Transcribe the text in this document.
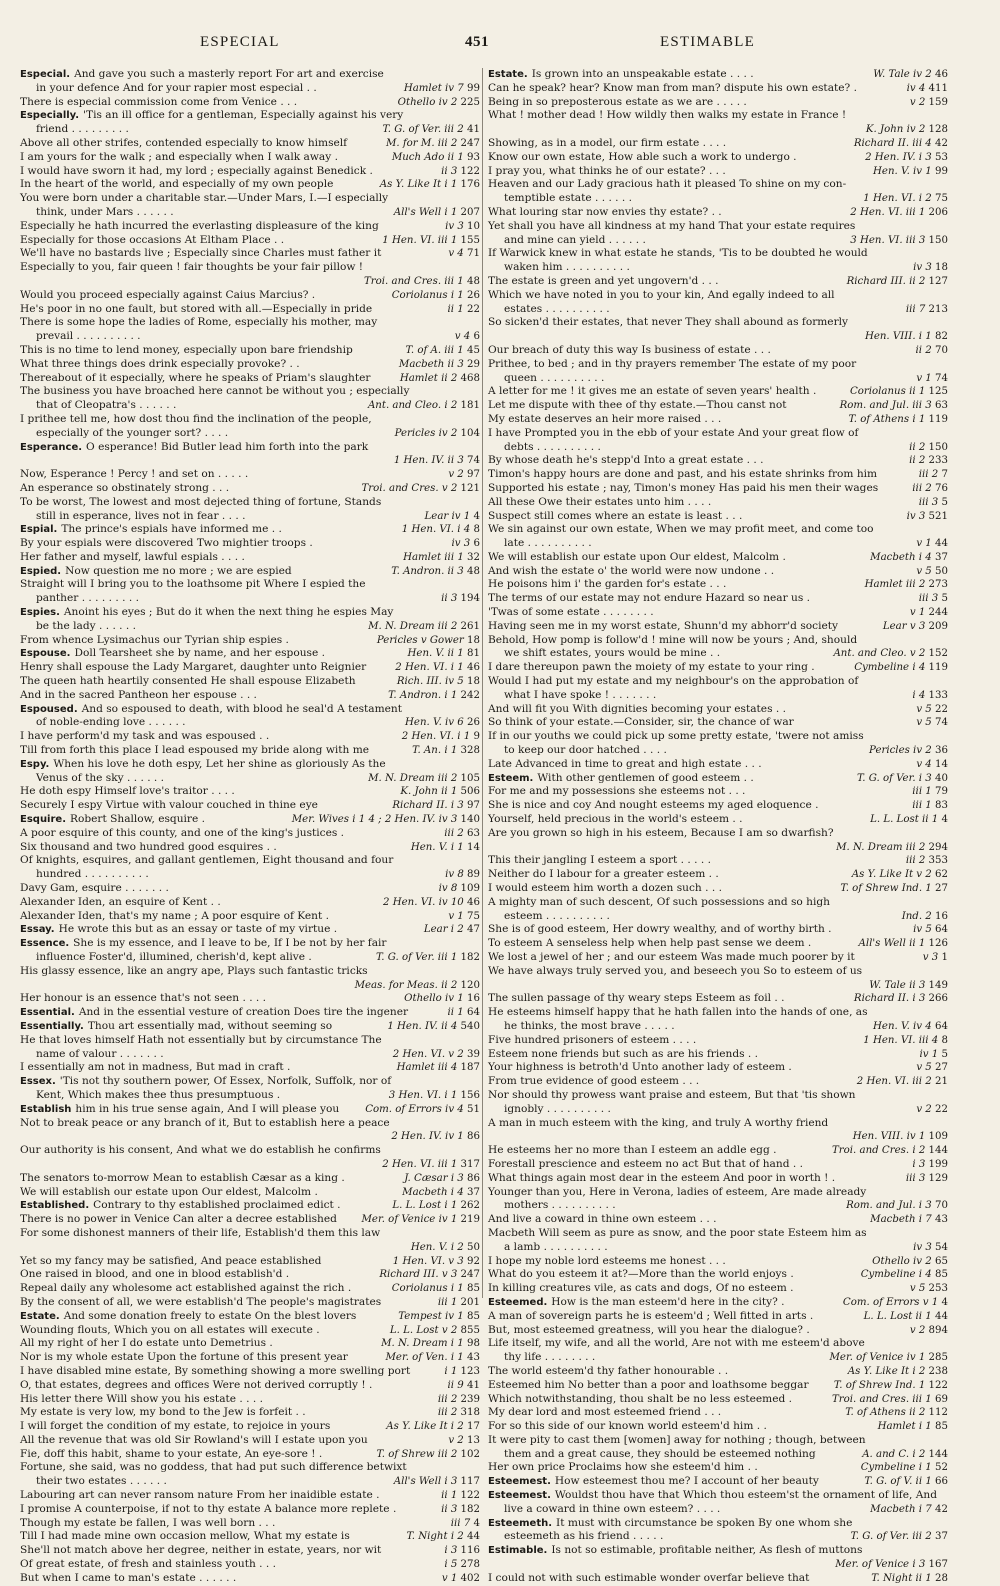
ESPECIAL	451	ESTIMABLE
Especial. And gave you such a masterly report For art and exercise
in your defence And for your rapier most especial . .	Hamlet iv 7 99
There is especial commission come from Venice . . .	Othello iv 2 225
Especially. 'Tis an ill office for a gentleman, Especially against his very
friend . . . . . . . . .	T. G. of Ver. iii 2 41
Above all other strifes, contended especially to know himself	M. for M. iii 2 247
I am yours for the walk ; and especially when I walk away .	Much Ado ii 1 93
I would have sworn it had, my lord ; especially against Benedick .	ii 3 122
In the heart of the world, and especially of my own people	As Y. Like It i 1 176
You were born under a charitable star.—Under Mars, I.—I especially
think, under Mars . . . . . .	All's Well i 1 207
Especially he hath incurred the everlasting displeasure of the king	iv 3 10
Especially for those occasions At Eltham Place . .	1 Hen. VI. iii 1 155
We'll have no bastards live ; Especially since Charles must father it	v 4 71
Especially to you, fair queen ! fair thoughts be your fair pillow !
Troi. and Cres. iii 1 48
Would you proceed especially against Caius Marcius? .	Coriolanus i 1 26
He's poor in no one fault, but stored with all.—Especially in pride	ii 1 22
There is some hope the ladies of Rome, especially his mother, may
prevail . . . . . . . . . .	v 4 6
This is no time to lend money, especially upon bare friendship	T. of A. iii 1 45
What three things does drink especially provoke? . .	Macbeth ii 3 29
Thereabout of it especially, where he speaks of Priam's slaughter	Hamlet ii 2 468
The business you have broached here cannot be without you ; especially
that of Cleopatra's . . . . . .	Ant. and Cleo. i 2 181
I prithee tell me, how dost thou find the inclination of the people,
especially of the younger sort? . . . .	Pericles iv 2 104
Esperance. O esperance! Bid Butler lead him forth into the park
1 Hen. IV. ii 3 74
Now, Esperance ! Percy ! and set on . . . . .	v 2 97
An esperance so obstinately strong . . .	Troi. and Cres. v 2 121
To be worst, The lowest and most dejected thing of fortune, Stands
still in esperance, lives not in fear . . . .	Lear iv 1 4
Espial. The prince's espials have informed me . .	1 Hen. VI. i 4 8
By your espials were discovered Two mightier troops .	iv 3 6
Her father and myself, lawful espials . . . .	Hamlet iii 1 32
Espied. Now question me no more ; we are espied	T. Andron. ii 3 48
Straight will I bring you to the loathsome pit Where I espied the
panther . . . . . . . . .	ii 3 194
Espies. Anoint his eyes ; But do it when the next thing he espies May
be the lady . . . . . .	M. N. Dream iii 2 261
From whence Lysimachus our Tyrian ship espies .	Pericles v Gower 18
Espouse. Doll Tearsheet she by name, and her espouse .	Hen. V. ii 1 81
Henry shall espouse the Lady Margaret, daughter unto Reignier	2 Hen. VI. i 1 46
The queen hath heartily consented He shall espouse Elizabeth	Rich. III. iv 5 18
And in the sacred Pantheon her espouse . . .	T. Andron. i 1 242
Espoused. And so espoused to death, with blood he seal'd A testament
of noble-ending love . . . . . .	Hen. V. iv 6 26
I have perform'd my task and was espoused . .	2 Hen. VI. i 1 9
Till from forth this place I lead espoused my bride along with me	T. An. i 1 328
Espy. When his love he doth espy, Let her shine as gloriously As the
Venus of the sky . . . . . .	M. N. Dream iii 2 105
He doth espy Himself love's traitor . . . .	K. John ii 1 506
Securely I espy Virtue with valour couched in thine eye	Richard II. i 3 97
Esquire. Robert Shallow, esquire .	Mer. Wives i 1 4 ; 2 Hen. IV. iv 3 140
A poor esquire of this county, and one of the king's justices .	iii 2 63
Six thousand and two hundred good esquires . .	Hen. V. i 1 14
Of knights, esquires, and gallant gentlemen, Eight thousand and four
hundred . . . . . . . . . .	iv 8 89
Davy Gam, esquire . . . . . . .	iv 8 109
Alexander Iden, an esquire of Kent . .	2 Hen. VI. iv 10 46
Alexander Iden, that's my name ; A poor esquire of Kent .	v 1 75
Essay. He wrote this but as an essay or taste of my virtue .	Lear i 2 47
Essence. She is my essence, and I leave to be, If I be not by her fair
influence Foster'd, illumined, cherish'd, kept alive .	T. G. of Ver. iii 1 182
His glassy essence, like an angry ape, Plays such fantastic tricks
Meas. for Meas. ii 2 120
Her honour is an essence that's not seen . . . .	Othello iv 1 16
Essential. And in the essential vesture of creation Does tire the ingener	ii 1 64
Essentially. Thou art essentially mad, without seeming so	1 Hen. IV. ii 4 540
He that loves himself Hath not essentially but by circumstance The
name of valour . . . . . . .	2 Hen. VI. v 2 39
I essentially am not in madness, But mad in craft .	Hamlet iii 4 187
Essex. 'Tis not thy southern power, Of Essex, Norfolk, Suffolk, nor of
Kent, Which makes thee thus presumptuous .	3 Hen. VI. i 1 156
Establish him in his true sense again, And I will please you	Com. of Errors iv 4 51
Not to break peace or any branch of it, But to establish here a peace
2 Hen. IV. iv 1 86
Our authority is his consent, And what we do establish he confirms
2 Hen. VI. iii 1 317
The senators to-morrow Mean to establish Cæsar as a king .	J. Cæsar i 3 86
We will establish our estate upon Our eldest, Malcolm .	Macbeth i 4 37
Established. Contrary to thy established proclaimed edict .	L. L. Lost i 1 262
There is no power in Venice Can alter a decree established Mer. of Venice iv 1 219
For some dishonest manners of their life, Establish'd them this law
Hen. V. i 2 50
Yet so my fancy may be satisfied, And peace established	1 Hen. VI. v 3 92
One raised in blood, and one in blood establish'd .	Richard III. v 3 247
Repeal daily any wholesome act established against the rich .	Coriolanus i 1 85
By the consent of all, we were establish'd The people's magistrates	iii 1 201
Estate. And some donation freely to estate On the blest lovers	Tempest iv 1 85
Wounding flouts, Which you on all estates will execute .	L. L. Lost v 2 855
All my right of her I do estate unto Demetrius .	M. N. Dream i 1 98
Nor is my whole estate Upon the fortune of this present year	Mer. of Ven. i 1 43
I have disabled mine estate, By something showing a more swelling port	i 1 123
O, that estates, degrees and offices Were not derived corruptly ! .	ii 9 41
His letter there Will show you his estate . . . .	iii 2 239
My estate is very low, my bond to the Jew is forfeit . .	iii 2 318
I will forget the condition of my estate, to rejoice in yours	As Y. Like It i 2 17
All the revenue that was old Sir Rowland's will I estate upon you	v 2 13
Fie, doff this habit, shame to your estate, An eye-sore ! .	T. of Shrew iii 2 102
Fortune, she said, was no goddess, that had put such difference betwixt
their two estates . . . . . .	All's Well i 3 117
Labouring art can never ransom nature From her inaidible estate .	ii 1 122
I promise A counterpoise, if not to thy estate A balance more replete .	ii 3 182
Though my estate be fallen, I was well born . . .	iii 7 4
Till I had made mine own occasion mellow, What my estate is	T. Night i 2 44
She'll not match above her degree, neither in estate, years, nor wit	i 3 116
Of great estate, of fresh and stainless youth . . .	i 5 278
But when I came to man's estate . . . . . .	v 1 402
Estate. Is grown into an unspeakable estate . . . .	W. Tale iv 2 46
Can he speak? hear? Know man from man? dispute his own estate? .	iv 4 411
Being in so preposterous estate as we are . . . . .	v 2 159
What ! mother dead ! How wildly then walks my estate in France !
K. John iv 2 128
Showing, as in a model, our firm estate . . . .	Richard II. iii 4 42
Know our own estate, How able such a work to undergo .	2 Hen. IV. i 3 53
I pray you, what thinks he of our estate? . . .	Hen. V. iv 1 99
Heaven and our Lady gracious hath it pleased To shine on my con-
temptible estate . . . . . .	1 Hen. VI. i 2 75
What louring star now envies thy estate? . .	2 Hen. VI. iii 1 206
Yet shall you have all kindness at my hand That your estate requires
and mine can yield . . . . . .	3 Hen. VI. iii 3 150
If Warwick knew in what estate he stands, 'Tis to be doubted he would
waken him . . . . . . . . . .	iv 3 18
The estate is green and yet ungovern'd . . .	Richard III. ii 2 127
Which we have noted in you to your kin, And egally indeed to all
estates . . . . . . . . . .	iii 7 213
So sicken'd their estates, that never They shall abound as formerly
Hen. VIII. i 1 82
Our breach of duty this way Is business of estate . . .	ii 2 70
Prithee, to bed ; and in thy prayers remember The estate of my poor
queen . . . . . . . . . .	v 1 74
A letter for me ! it gives me an estate of seven years' health .	Coriolanus ii 1 125
Let me dispute with thee of thy estate.—Thou canst not	Rom. and Jul. iii 3 63
My estate deserves an heir more raised . . .	T. of Athens i 1 119
I have Prompted you in the ebb of your estate And your great flow of
debts . . . . . . . . . .	ii 2 150
By whose death he's stepp'd Into a great estate . . .	ii 2 233
Timon's happy hours are done and past, and his estate shrinks from him	iii 2 7
Supported his estate ; nay, Timon's money Has paid his men their wages	iii 2 76
All these Owe their estates unto him . . . .	iii 3 5
Suspect still comes where an estate is least . . .	iv 3 521
We sin against our own estate, When we may profit meet, and come too
late . . . . . . . . . .	v 1 44
We will establish our estate upon Our eldest, Malcolm .	Macbeth i 4 37
And wish the estate o' the world were now undone . .	v 5 50
He poisons him i' the garden for's estate . . .	Hamlet iii 2 273
The terms of our estate may not endure Hazard so near us .	iii 3 5
'Twas of some estate . . . . . . . .	v 1 244
Having seen me in my worst estate, Shunn'd my abhorr'd society	Lear v 3 209
Behold, How pomp is follow'd ! mine will now be yours ; And, should
we shift estates, yours would be mine . .	Ant. and Cleo. v 2 152
I dare thereupon pawn the moiety of my estate to your ring .	Cymbeline i 4 119
Would I had put my estate and my neighbour's on the approbation of
what I have spoke ! . . . . . . .	i 4 133
And will fit you With dignities becoming your estates . .	v 5 22
So think of your estate.—Consider, sir, the chance of war	v 5 74
If in our youths we could pick up some pretty estate, 'twere not amiss
to keep our door hatched . . . .	Pericles iv 2 36
Late Advanced in time to great and high estate . . .	v 4 14
Esteem. With other gentlemen of good esteem . .	T. G. of Ver. i 3 40
For me and my possessions she esteems not . . .	iii 1 79
She is nice and coy And nought esteems my aged eloquence .	iii 1 83
Yourself, held precious in the world's esteem . .	L. L. Lost ii 1 4
Are you grown so high in his esteem, Because I am so dwarfish?
M. N. Dream iii 2 294
This their jangling I esteem a sport . . . . .	iii 2 353
Neither do I labour for a greater esteem . .	As Y. Like It v 2 62
I would esteem him worth a dozen such . . .	T. of Shrew Ind. 1 27
A mighty man of such descent, Of such possessions and so high
esteem . . . . . . . . . .	Ind. 2 16
She is of good esteem, Her dowry wealthy, and of worthy birth .	iv 5 64
To esteem A senseless help when help past sense we deem .	All's Well ii 1 126
We lost a jewel of her ; and our esteem Was made much poorer by it	v 3 1
We have always truly served you, and beseech you So to esteem of us
W. Tale ii 3 149
The sullen passage of thy weary steps Esteem as foil . .	Richard II. i 3 266
He esteems himself happy that he hath fallen into the hands of one, as
he thinks, the most brave . . . . .	Hen. V. iv 4 64
Five hundred prisoners of esteem . . . .	1 Hen. VI. iii 4 8
Esteem none friends but such as are his friends . .	iv 1 5
Your highness is betroth'd Unto another lady of esteem .	v 5 27
From true evidence of good esteem . . .	2 Hen. VI. iii 2 21
Nor should thy prowess want praise and esteem, But that 'tis shown
ignobly . . . . . . . . . .	v 2 22
A man in much esteem with the king, and truly A worthy friend
Hen. VIII. iv 1 109
He esteems her no more than I esteem an addle egg .	Troi. and Cres. i 2 144
Forestall prescience and esteem no act But that of hand . .	i 3 199
What things again most dear in the esteem And poor in worth ! .	iii 3 129
Younger than you, Here in Verona, ladies of esteem, Are made already
mothers . . . . . . . . . .	Rom. and Jul. i 3 70
And live a coward in thine own esteem . . .	Macbeth i 7 43
Macbeth Will seem as pure as snow, and the poor state Esteem him as
a lamb . . . . . . . . . .	iv 3 54
I hope my noble lord esteems me honest . . .	Othello iv 2 65
What do you esteem it at?—More than the world enjoys .	Cymbeline i 4 85
In killing creatures vile, as cats and dogs, Of no esteem .	v 5 253
Esteemed. How is the man esteem'd here in the city? .	Com. of Errors v 1 4
A man of sovereign parts he is esteem'd ; Well fitted in arts .	L. L. Lost ii 1 44
But, most esteemed greatness, will you hear the dialogue? .	v 2 894
Life itself, my wife, and all the world, Are not with me esteem'd above
thy life . . . . . . . .	Mer. of Venice iv 1 285
The world esteem'd thy father honourable . .	As Y. Like It i 2 238
Esteemed him No better than a poor and loathsome beggar T. of Shrew Ind. 1 122
Which notwithstanding, thou shalt be no less esteemed .	Troi. and Cres. iii 1 69
My dear lord and most esteemed friend . . .	T. of Athens ii 2 112
For so this side of our known world esteem'd him . .	Hamlet i 1 85
It were pity to cast them [women] away for nothing ; though, between
them and a great cause, they should be esteemed nothing	A. and C. i 2 144
Her own price Proclaims how she esteem'd him . .	Cymbeline i 1 52
Esteemest. How esteemest thou me? I account of her beauty	T. G. of V. ii 1 66
Esteemest. Wouldst thou have that Which thou esteem'st the ornament of life, And
live a coward in thine own esteem? . . . .	Macbeth i 7 42
Esteemeth. It must with circumstance be spoken By one whom she
esteemeth as his friend . . . . .	T. G. of Ver. iii 2 37
Estimable. Is not so estimable, profitable neither, As flesh of muttons
Mer. of Venice i 3 167
I could not with such estimable wonder overfar believe that	T. Night ii 1 28
